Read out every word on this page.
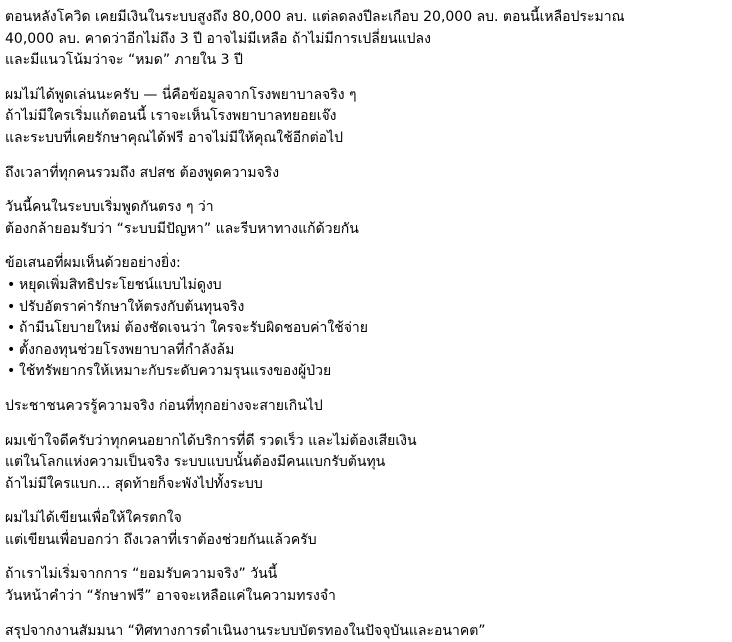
ตอนหลังโควิด เคยมีเงินในระบบสูงถึง 80,000 ลบ. แต่ลดลงปีละเกือบ 20,000 ลบ. ตอนนี้เหลือประมาณ
40,000 ลบ. คาดว่าอีกไม่ถึง 3 ปี อาจไม่มีเหลือ ถ้าไม่มีการเปลี่ยนแปลง
และมีแนวโน้มว่าจะ “หมด” ภายใน 3 ปี
ผมไม่ได้พูดเล่นนะครับ — นี่คือข้อมูลจากโรงพยาบาลจริง ๆ
ถ้าไม่มีใครเริ่มแก้ตอนนี้ เราจะเห็นโรงพยาบาลทยอยเจ๊ง
และระบบที่เคยรักษาคุณได้ฟรี อาจไม่มีให้คุณใช้อีกต่อไป
ถึงเวลาที่ทุกคนรวมถึง สปสช ต้องพูดความจริง
วันนี้คนในระบบเริ่มพูดกันตรง ๆ ว่า
ต้องกล้ายอมรับว่า “ระบบมีปัญหา” และรีบหาทางแก้ด้วยกัน
ข้อเสนอที่ผมเห็นด้วยอย่างยิ่ง:
• หยุดเพิ่มสิทธิประโยชน์แบบไม่ดูงบ
• ปรับอัตราค่ารักษาให้ตรงกับต้นทุนจริง
• ถ้ามีนโยบายใหม่ ต้องชัดเจนว่า ใครจะรับผิดชอบค่าใช้จ่าย
• ตั้งกองทุนช่วยโรงพยาบาลที่กำลังล้ม
• ใช้ทรัพยากรให้เหมาะกับระดับความรุนแรงของผู้ป่วย
ประชาชนควรรู้ความจริง ก่อนที่ทุกอย่างจะสายเกินไป
ผมเข้าใจดีครับว่าทุกคนอยากได้บริการที่ดี รวดเร็ว และไม่ต้องเสียเงิน
แต่ในโลกแห่งความเป็นจริง ระบบแบบนั้นต้องมีคนแบกรับต้นทุน
ถ้าไม่มีใครแบก... สุดท้ายก็จะพังไปทั้งระบบ
ผมไม่ได้เขียนเพื่อให้ใครตกใจ
แต่เขียนเพื่อบอกว่า ถึงเวลาที่เราต้องช่วยกันแล้วครับ
ถ้าเราไม่เริ่มจากการ “ยอมรับความจริง” วันนี้
วันหน้าคำว่า “รักษาฟรี” อาจจะเหลือแค่ในความทรงจำ
สรุปจากงานสัมมนา “ทิศทางการดำเนินงานระบบบัตรทองในปัจจุบันและอนาคต”
